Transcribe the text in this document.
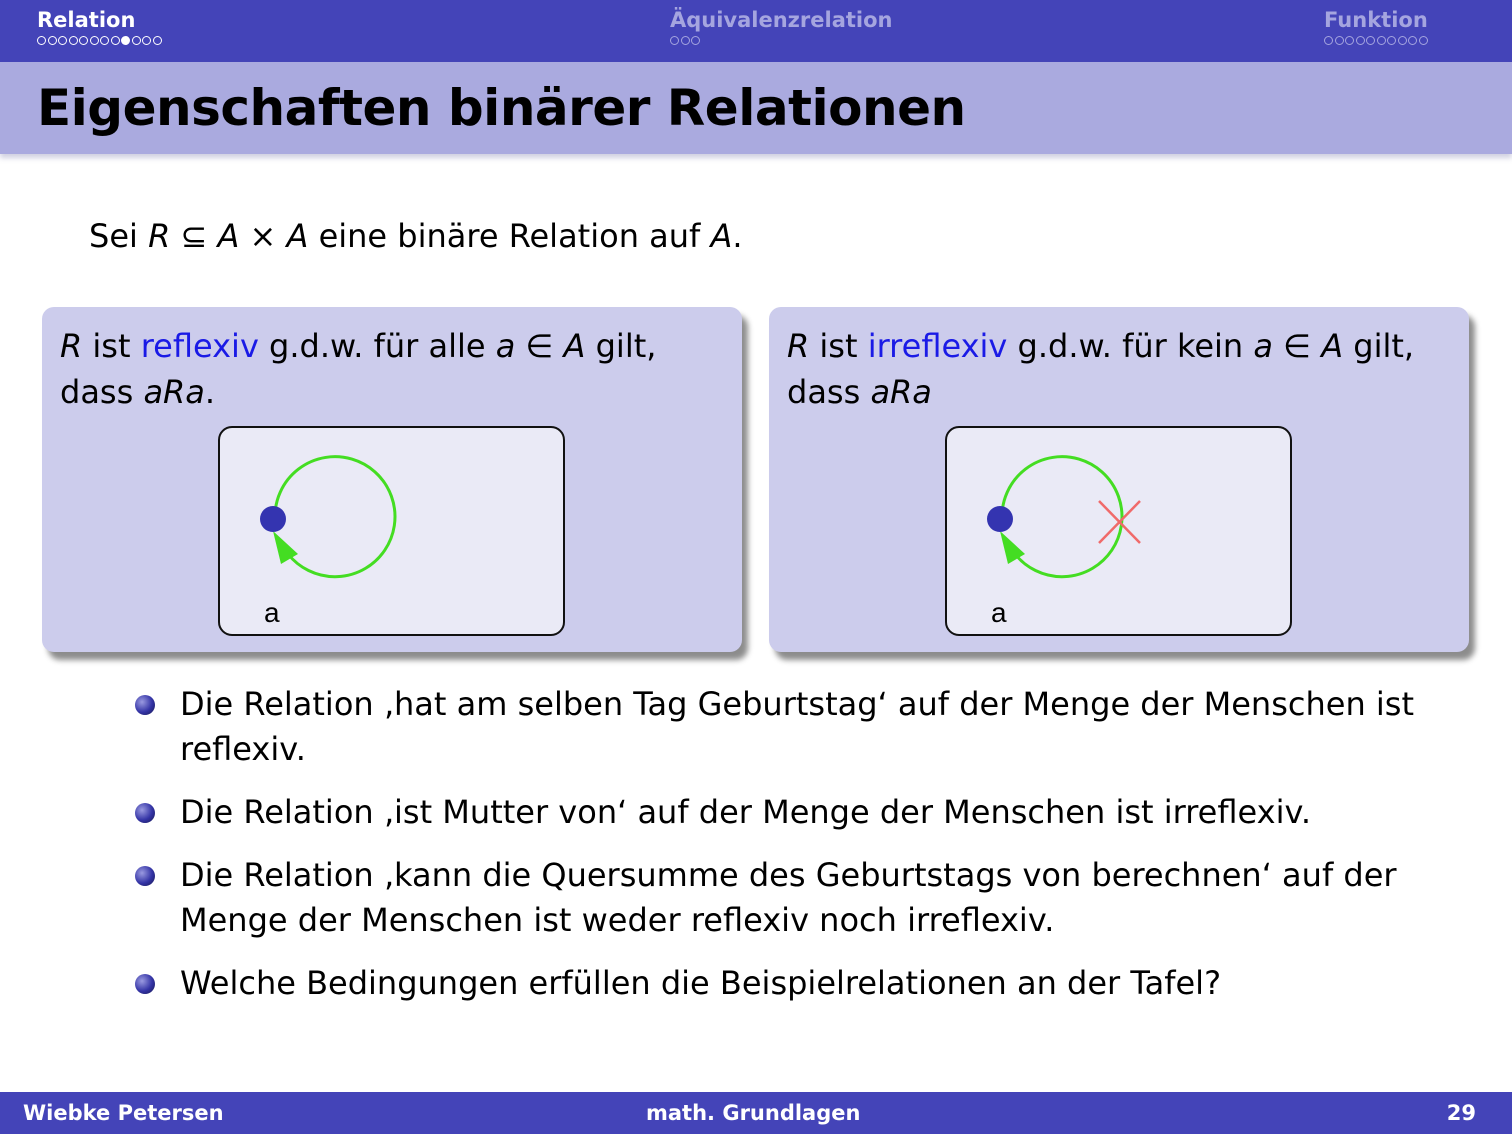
Relation	Äquivalenzrelation	Funktion
Eigenschaften binärer Relationen
Sei R ⊆ A × A eine binäre Relation auf A.
R ist reflexiv g.d.w. für alle a ∈ A gilt,
dass aRa.
a
R ist irreflexiv g.d.w. für kein a ∈ A gilt,
dass aRa
a
Die Relation ‚hat am selben Tag Geburtstag‘ auf der Menge der Menschen ist reflexiv.
Die Relation ‚ist Mutter von‘ auf der Menge der Menschen ist irreflexiv.
Die Relation ‚kann die Quersumme des Geburtstags von berechnen‘ auf der Menge der Menschen ist weder reflexiv noch irreflexiv.
Welche Bedingungen erfüllen die Beispielrelationen an der Tafel?
Wiebke Petersen	math. Grundlagen	29
